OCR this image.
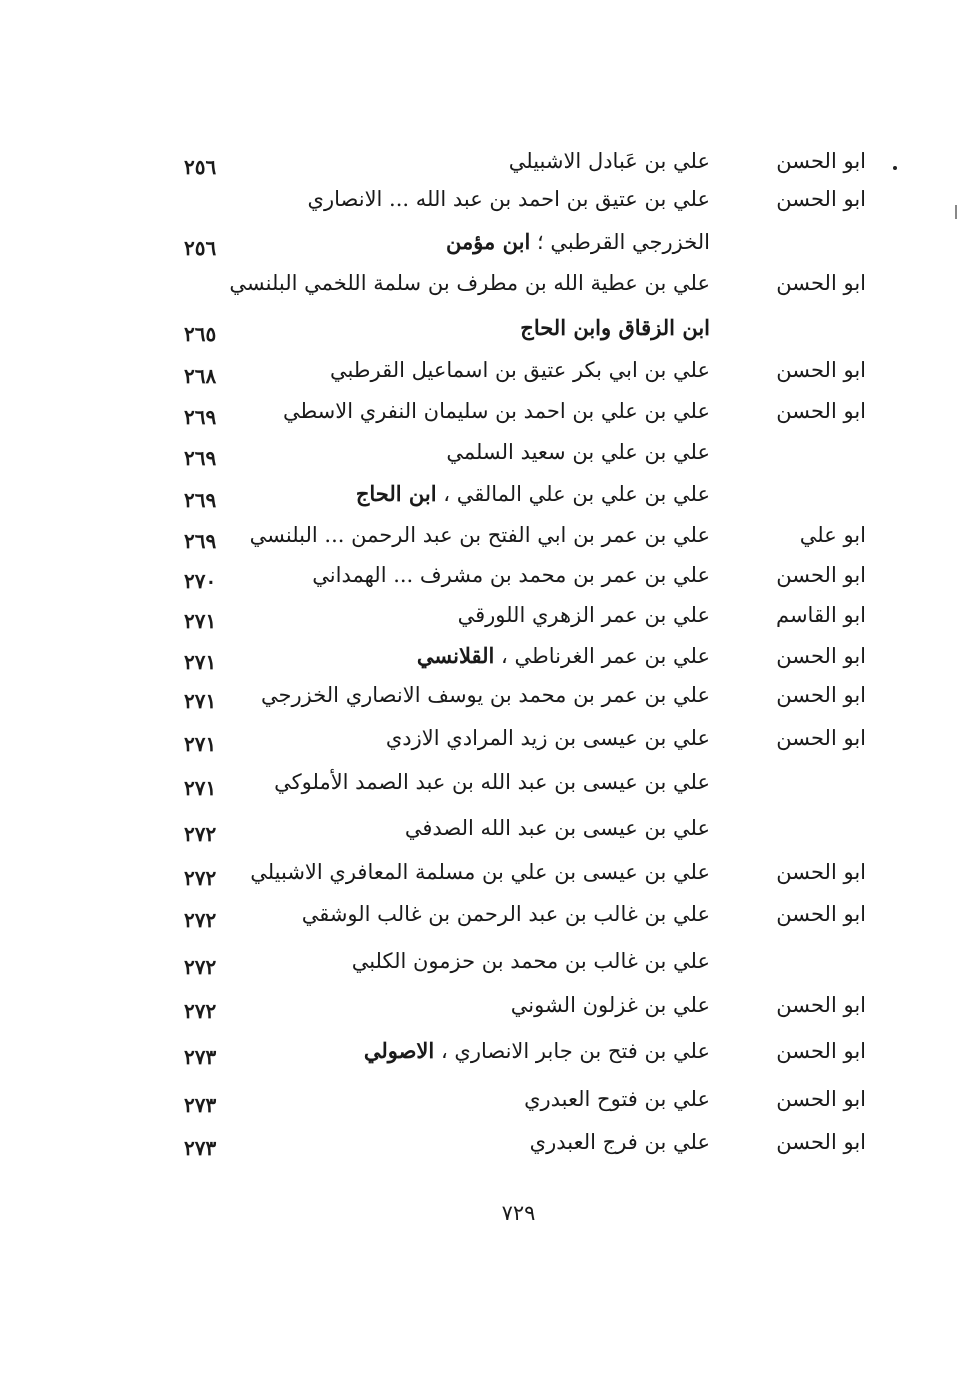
ابو الحسن
علي بن عَبادل الاشبيلي
٢٥٦
ابو الحسن
علي بن عتيق بن احمد بن عبد الله ... الانصاري
الخزرجي القرطبي ؛ ابن مؤمن
٢٥٦
ابو الحسن
علي بن عطية الله بن مطرف بن سلمة اللخمي البلنسي
ابن الزقاق وابن الحاج
٢٦٥
ابو الحسن
علي بن ابي بكر عتيق بن اسماعيل القرطبي
٢٦٨
ابو الحسن
علي بن علي بن احمد بن سليمان النفري الاسطي
٢٦٩
علي بن علي بن سعيد السلمي
٢٦٩
علي بن علي بن علي المالقي ، ابن الحاج
٢٦٩
ابو علي
علي بن عمر بن ابي الفتح بن عبد الرحمن ... البلنسي
٢٦٩
ابو الحسن
علي بن عمر بن محمد بن مشرف ... الهمداني
٢٧٠
ابو القاسم
علي بن عمر الزهري اللورقي
٢٧١
ابو الحسن
علي بن عمر الغرناطي ، القلانسي
٢٧١
ابو الحسن
علي بن عمر بن محمد بن يوسف الانصاري الخزرجي
٢٧١
ابو الحسن
علي بن عيسى بن زيد المرادي الازدي
٢٧١
علي بن عيسى بن عبد الله بن عبد الصمد الأملوكي
٢٧١
علي بن عيسى بن عبد الله الصدفي
٢٧٢
ابو الحسن
علي بن عيسى بن علي بن مسلمة المعافري الاشبيلي
٢٧٢
ابو الحسن
علي بن غالب بن عبد الرحمن بن غالب الوشقي
٢٧٢
علي بن غالب بن محمد بن حزمون الكلبي
٢٧٢
ابو الحسن
علي بن غزلون الشوني
٢٧٢
ابو الحسن
علي بن فتح بن جابر الانصاري ، الاصولي
٢٧٣
ابو الحسن
علي بن فتوح العبدري
٢٧٣
ابو الحسن
علي بن فرج العبدري
٢٧٣
٧٢٩
